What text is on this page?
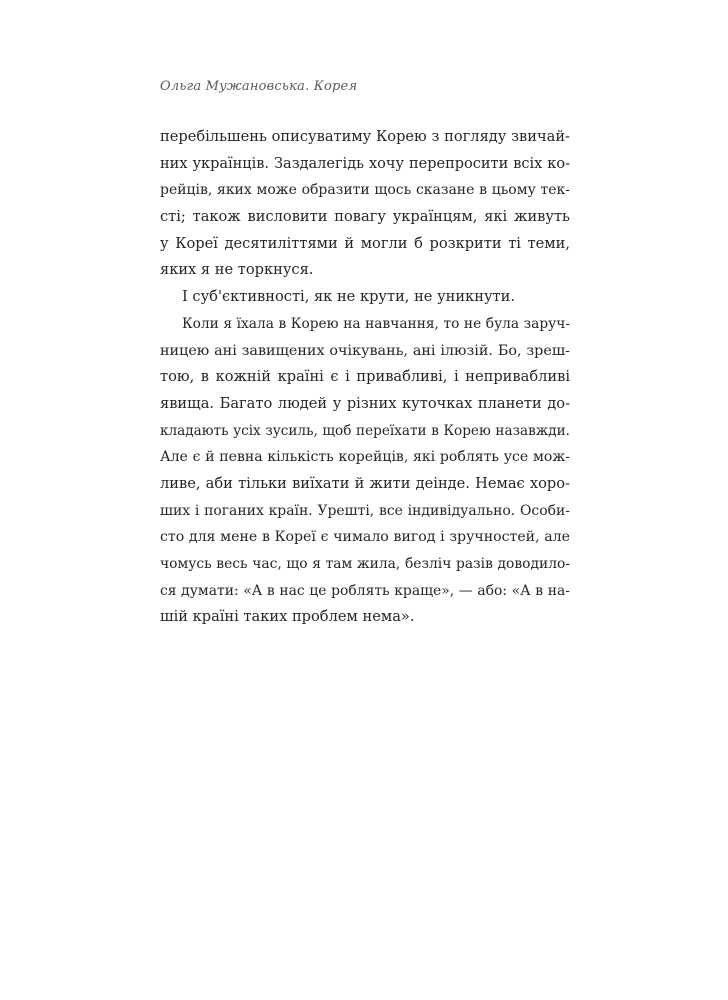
Ольга Мужановська. Корея
перебільшень описуватиму Корею з погляду звичай-
них українців. Заздалегідь хочу перепросити всіх ко-
рейців, яких може образити щось сказане в цьому тек-
сті; також висловити повагу українцям, які живуть
у Кореї десятиліттями й могли б розкрити ті теми,
яких я не торкнуся.
І суб'єктивності, як не крути, не уникнути.
Коли я їхала в Корею на навчання, то не була заруч-
ницею ані завищених очікувань, ані ілюзій. Бо, зреш-
тою, в кожній країні є і привабливі, і непривабливі
явища. Багато людей у різних куточках планети до-
кладають усіх зусиль, щоб переїхати в Корею назавжди.
Але є й певна кількість корейців, які роблять усе мож-
ливе, аби тільки виїхати й жити деінде. Немає хоро-
ших і поганих країн. Урешті, все індивідуально. Особи-
сто для мене в Кореї є чимало вигод і зручностей, але
чомусь весь час, що я там жила, безліч разів доводило-
ся думати: «А в нас це роблять краще», — або: «А в на-
шій країні таких проблем нема».
